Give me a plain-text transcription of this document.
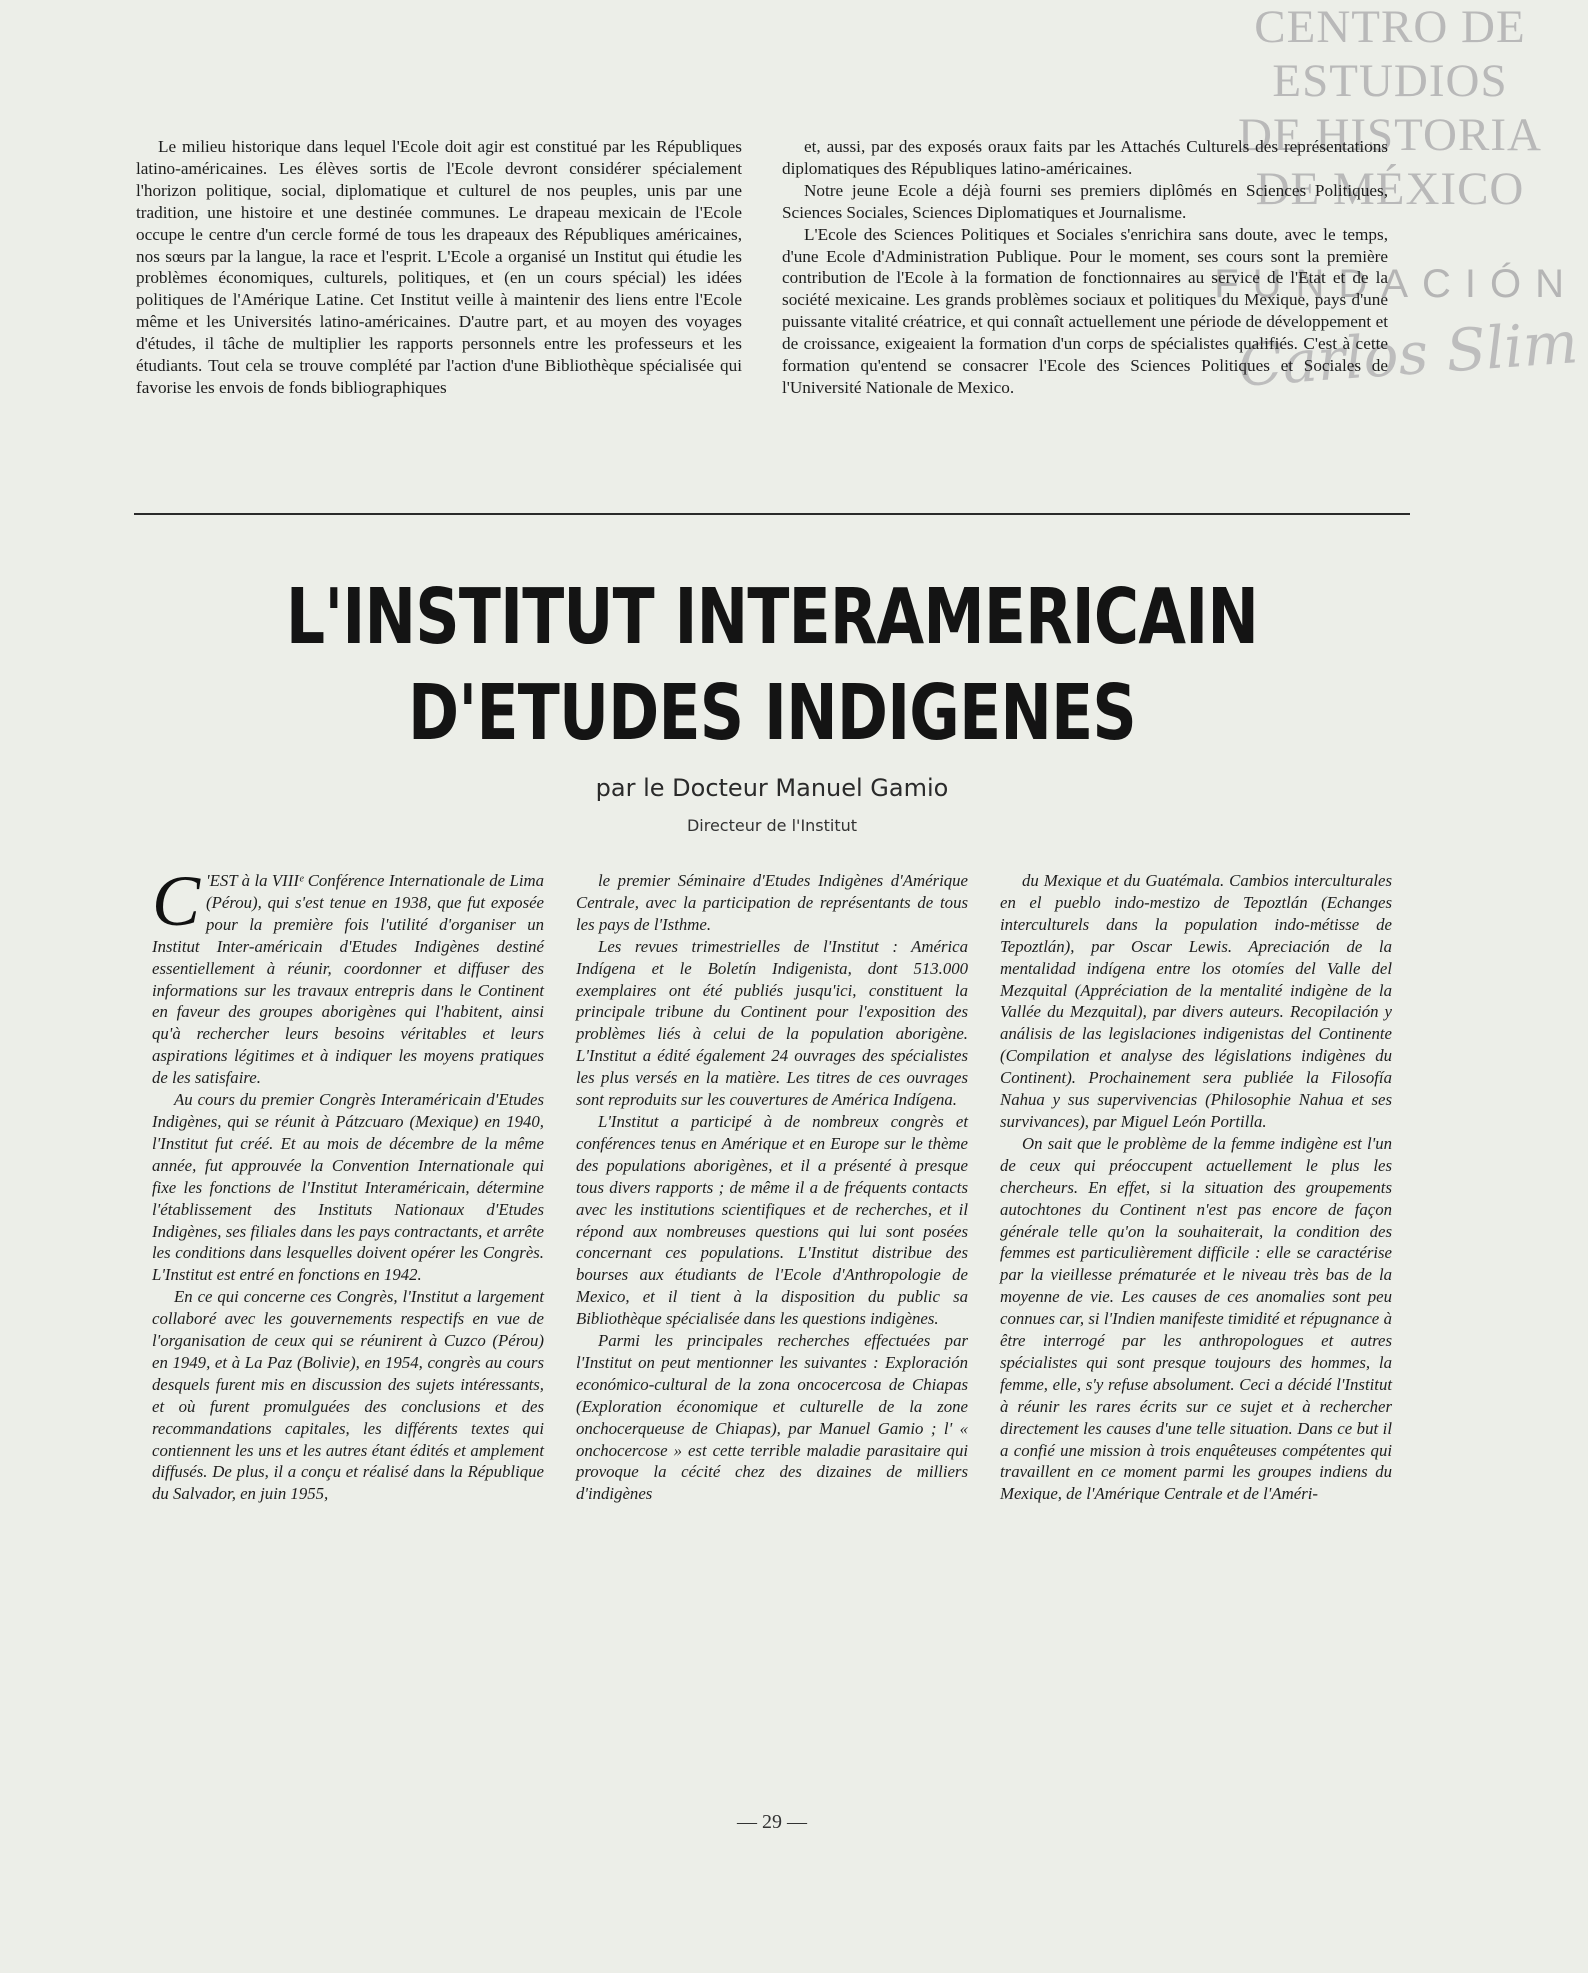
CENTRO DE
ESTUDIOS
DE HISTORIA
DE MÉXICO
FUNDACIÓN
Carlos Slim

Le milieu historique dans lequel l'Ecole doit agir est constitué par les Républiques latino-américaines. Les élèves sortis de l'Ecole devront considérer spécialement l'horizon politique, social, diplomatique et culturel de nos peuples, unis par une tradition, une histoire et une destinée communes. Le drapeau mexicain de l'Ecole occupe le centre d'un cercle formé de tous les drapeaux des Républiques américaines, nos sœurs par la langue, la race et l'esprit. L'Ecole a organisé un Institut qui étudie les problèmes économiques, culturels, politiques, et (en un cours spécial) les idées politiques de l'Amérique Latine. Cet Institut veille à maintenir des liens entre l'Ecole même et les Universités latino-américaines. D'autre part, et au moyen des voyages d'études, il tâche de multiplier les rapports personnels entre les professeurs et les étudiants. Tout cela se trouve complété par l'action d'une Bibliothèque spécialisée qui favorise les envois de fonds bibliographiques

et, aussi, par des exposés oraux faits par les Attachés Culturels des représentations diplomatiques des Républiques latino-américaines.

Notre jeune Ecole a déjà fourni ses premiers diplômés en Sciences Politiques, Sciences Sociales, Sciences Diplomatiques et Journalisme.

L'Ecole des Sciences Politiques et Sociales s'enrichira sans doute, avec le temps, d'une Ecole d'Administration Publique. Pour le moment, ses cours sont la première contribution de l'Ecole à la formation de fonctionnaires au service de l'Etat et de la société mexicaine. Les grands problèmes sociaux et politiques du Mexique, pays d'une puissante vitalité créatrice, et qui connaît actuellement une période de développement et de croissance, exigeaient la formation d'un corps de spécialistes qualifiés. C'est à cette formation qu'entend se consacrer l'Ecole des Sciences Politiques et Sociales de l'Université Nationale de Mexico.

L'INSTITUT INTERAMERICAIN
D'ETUDES INDIGENES
par le Docteur Manuel Gamio
Directeur de l'Institut

C 'EST à la VIIIᵉ Conférence Internationale de Lima (Pérou), qui s'est tenue en 1938, que fut exposée pour la première fois l'utilité d'organiser un Institut Inter-américain d'Etudes Indigènes destiné essentiellement à réunir, coordonner et diffuser des informations sur les travaux entrepris dans le Continent en faveur des groupes aborigènes qui l'habitent, ainsi qu'à rechercher leurs besoins véritables et leurs aspirations légitimes et à indiquer les moyens pratiques de les satisfaire.

Au cours du premier Congrès Interaméricain d'Etudes Indigènes, qui se réunit à Pátzcuaro (Mexique) en 1940, l'Institut fut créé. Et au mois de décembre de la même année, fut approuvée la Convention Internationale qui fixe les fonctions de l'Institut Interaméricain, détermine l'établissement des Instituts Nationaux d'Etudes Indigènes, ses filiales dans les pays contractants, et arrête les conditions dans lesquelles doivent opérer les Congrès. L'Institut est entré en fonctions en 1942.

En ce qui concerne ces Congrès, l'Institut a largement collaboré avec les gouvernements respectifs en vue de l'organisation de ceux qui se réunirent à Cuzco (Pérou) en 1949, et à La Paz (Bolivie), en 1954, congrès au cours desquels furent mis en discussion des sujets intéressants, et où furent promulguées des conclusions et des recommandations capitales, les différents textes qui contiennent les uns et les autres étant édités et amplement diffusés. De plus, il a conçu et réalisé dans la République du Salvador, en juin 1955,

le premier Séminaire d'Etudes Indigènes d'Amérique Centrale, avec la participation de représentants de tous les pays de l'Isthme.

Les revues trimestrielles de l'Institut : América Indígena et le Boletín Indigenista, dont 513.000 exemplaires ont été publiés jusqu'ici, constituent la principale tribune du Continent pour l'exposition des problèmes liés à celui de la population aborigène. L'Institut a édité également 24 ouvrages des spécialistes les plus versés en la matière. Les titres de ces ouvrages sont reproduits sur les couvertures de América Indígena.

L'Institut a participé à de nombreux congrès et conférences tenus en Amérique et en Europe sur le thème des populations aborigènes, et il a présenté à presque tous divers rapports ; de même il a de fréquents contacts avec les institutions scientifiques et de recherches, et il répond aux nombreuses questions qui lui sont posées concernant ces populations. L'Institut distribue des bourses aux étudiants de l'Ecole d'Anthropologie de Mexico, et il tient à la disposition du public sa Bibliothèque spécialisée dans les questions indigènes.

Parmi les principales recherches effectuées par l'Institut on peut mentionner les suivantes : Exploración económico-cultural de la zona oncocercosa de Chiapas (Exploration économique et culturelle de la zone onchocerqueuse de Chiapas), par Manuel Gamio ; l' « onchocercose » est cette terrible maladie parasitaire qui provoque la cécité chez des dizaines de milliers d'indigènes

du Mexique et du Guatémala. Cambios interculturales en el pueblo indo-mestizo de Tepoztlán (Echanges interculturels dans la population indo-métisse de Tepoztlán), par Oscar Lewis. Apreciación de la mentalidad indígena entre los otomíes del Valle del Mezquital (Appréciation de la mentalité indigène de la Vallée du Mezquital), par divers auteurs. Recopilación y análisis de las legislaciones indigenistas del Continente (Compilation et analyse des législations indigènes du Continent). Prochainement sera publiée la Filosofía Nahua y sus supervivencias (Philosophie Nahua et ses survivances), par Miguel León Portilla.

On sait que le problème de la femme indigène est l'un de ceux qui préoccupent actuellement le plus les chercheurs. En effet, si la situation des groupements autochtones du Continent n'est pas encore de façon générale telle qu'on la souhaiterait, la condition des femmes est particulièrement difficile : elle se caractérise par la vieillesse prématurée et le niveau très bas de la moyenne de vie. Les causes de ces anomalies sont peu connues car, si l'Indien manifeste timidité et répugnance à être interrogé par les anthropologues et autres spécialistes qui sont presque toujours des hommes, la femme, elle, s'y refuse absolument. Ceci a décidé l'Institut à réunir les rares écrits sur ce sujet et à rechercher directement les causes d'une telle situation. Dans ce but il a confié une mission à trois enquêteuses compétentes qui travaillent en ce moment parmi les groupes indiens du Mexique, de l'Amérique Centrale et de l'Améri-

— 29 —
